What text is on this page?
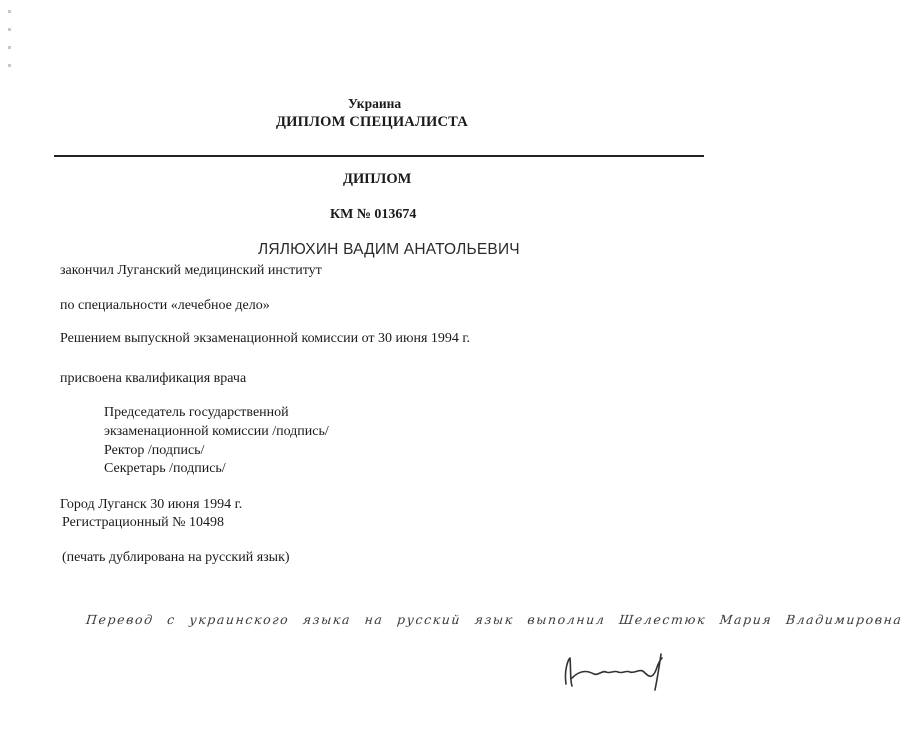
Украина
ДИПЛОМ СПЕЦИАЛИСТА
ДИПЛОМ
КМ № 013674
ЛЯЛЮХИН ВАДИМ АНАТОЛЬЕВИЧ
закончил Луганский медицинский институт
по специальности «лечебное дело»
Решением выпускной экзаменационной комиссии от 30 июня 1994 г.
присвоена квалификация врача
Председатель государственной
экзаменационной комиссии /подпись/
Ректор /подпись/
Секретарь /подпись/
Город Луганск 30 июня 1994 г.
Регистрационный № 10498
(печать дублирована на русский язык)
Перевод с украинского языка на русский язык выполнил Шелестюк Мария Владимировна
